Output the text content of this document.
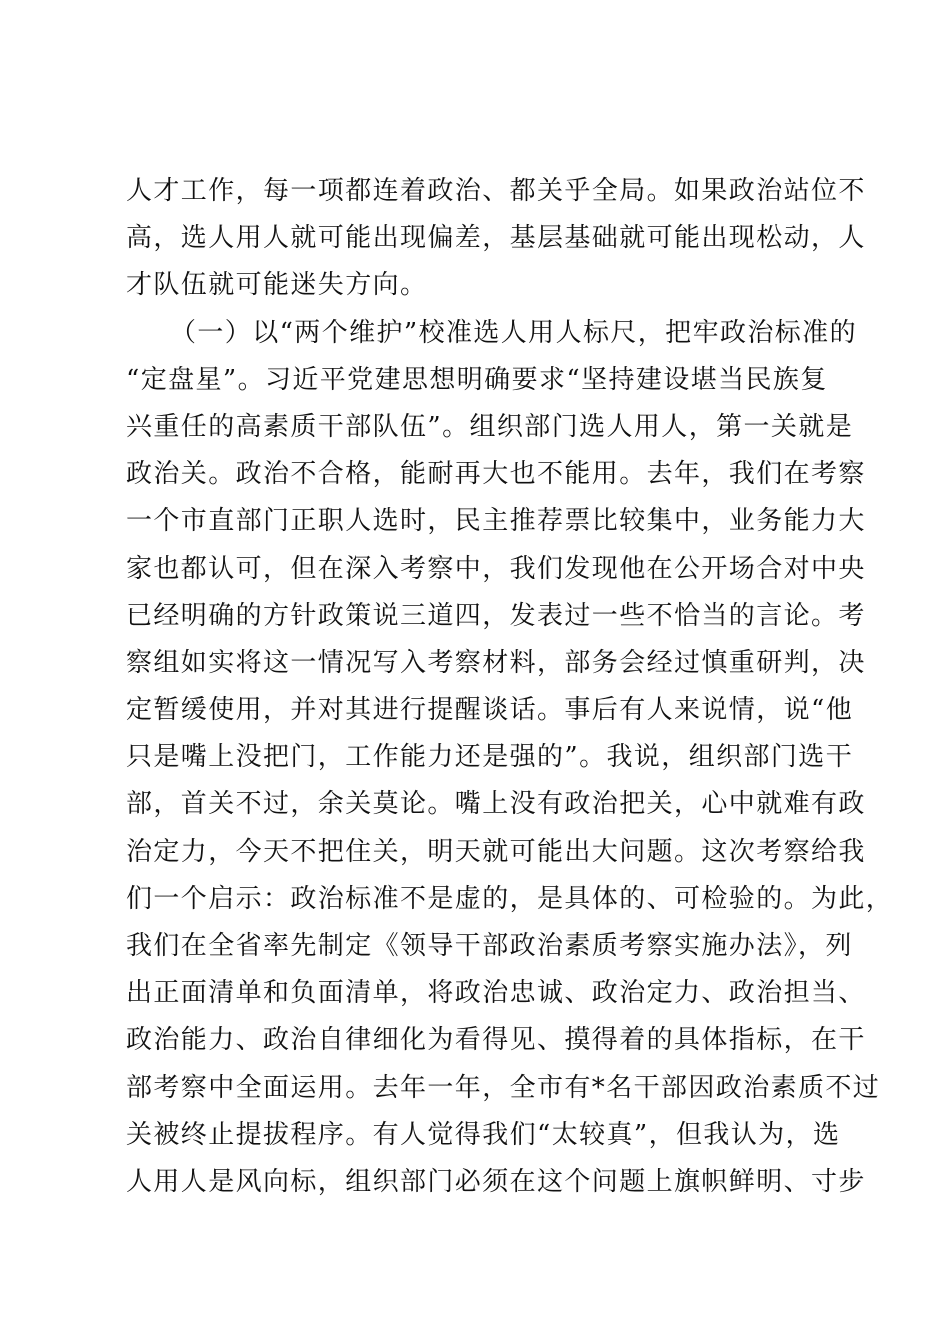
人才工作，每一项都连着政治、都关乎全局。如果政治站位不
高，选人用人就可能出现偏差，基层基础就可能出现松动，人
才队伍就可能迷失方向。
（一）以“两个维护”校准选人用人标尺，把牢政治标准的
“定盘星”。习近平党建思想明确要求“坚持建设堪当民族复
兴重任的高素质干部队伍”。组织部门选人用人，第一关就是
政治关。政治不合格，能耐再大也不能用。去年，我们在考察
一个市直部门正职人选时，民主推荐票比较集中，业务能力大
家也都认可，但在深入考察中，我们发现他在公开场合对中央
已经明确的方针政策说三道四，发表过一些不恰当的言论。考
察组如实将这一情况写入考察材料，部务会经过慎重研判，决
定暂缓使用，并对其进行提醒谈话。事后有人来说情，说“他
只是嘴上没把门，工作能力还是强的”。我说，组织部门选干
部，首关不过，余关莫论。嘴上没有政治把关，心中就难有政
治定力，今天不把住关，明天就可能出大问题。这次考察给我
们一个启示：政治标准不是虚的，是具体的、可检验的。为此，
我们在全省率先制定《领导干部政治素质考察实施办法》，列
出正面清单和负面清单，将政治忠诚、政治定力、政治担当、
政治能力、政治自律细化为看得见、摸得着的具体指标，在干
部考察中全面运用。去年一年，全市有*名干部因政治素质不过
关被终止提拔程序。有人觉得我们“太较真”，但我认为，选
人用人是风向标，组织部门必须在这个问题上旗帜鲜明、寸步
